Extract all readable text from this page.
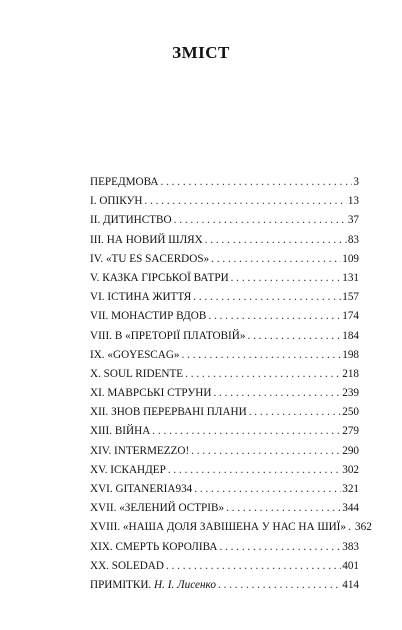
ЗМІСТ
ПЕРЕДМОВА . . .	3
I. ОПІКУН . . .	13
II. ДИТИНСТВО . . .	37
III. НА НОВИЙ ШЛЯХ . . .	83
IV. «TU ES SACERDOS» . . .	109
V. КАЗКА ГІРСЬКОЇ ВАТРИ . . .	131
VI. ІСТИНА ЖИТТЯ . . .	157
VII. МОНАСТИР ВДОВ . . .	174
VIII. В «ПРЕТОРІЇ ПЛАТОВІЙ» . . .	184
IX. «GOYESCAG» . . .	198
X. SOUL RIDENTE . . .	218
XI. МАВРСЬКІ СТРУНИ . . .	239
XII. ЗНОВ ПЕРЕРВАНІ ПЛАНИ . . .	250
XIII. ВІЙНА . . .	279
XIV. INTERMEZZO! . . .	290
XV. ІСКАНДЕР . . .	302
XVI. GITANERIA934 . . .	321
XVII. «ЗЕЛЕНИЙ ОСТРІВ» . . .	344
XVIII. «НАША ДОЛЯ ЗАВІШЕНА У НАС НА ШИЇ» . . . 362
XIX. СМЕРТЬ КОРОЛІВА . . .	383
XX. SOLEDAD . . .	401
ПРИМІТКИ. Н. І. Лисенко . . .	414
